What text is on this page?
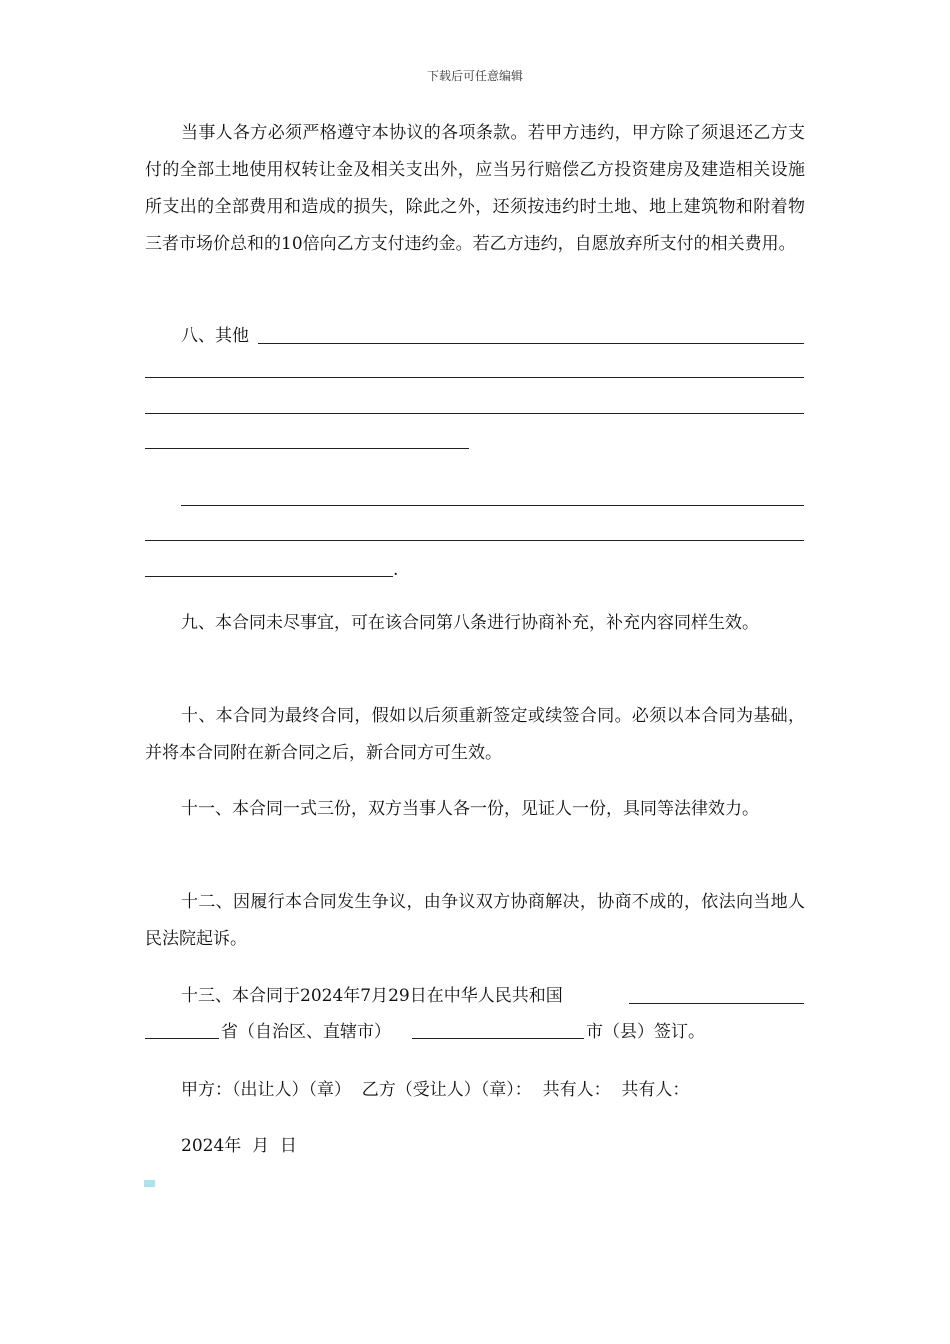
下载后可任意编辑

当事人各方必须严格遵守本协议的各项条款。若甲方违约，甲方除了须退还乙方支付的全部土地使用权转让金及相关支出外，应当另行赔偿乙方投资建房及建造相关设施所支出的全部费用和造成的损失，除此之外，还须按违约时土地、地上建筑物和附着物三者市场价总和的10倍向乙方支付违约金。若乙方违约，自愿放弃所支付的相关费用。

八、其他
.

九、本合同未尽事宜，可在该合同第八条进行协商补充，补充内容同样生效。

十、本合同为最终合同，假如以后须重新签定或续签合同。必须以本合同为基础，并将本合同附在新合同之后，新合同方可生效。

十一、本合同一式三份，双方当事人各一份，见证人一份，具同等法律效力。

十二、因履行本合同发生争议，由争议双方协商解决，协商不成的，依法向当地人民法院起诉。

十三、本合同于2024年7月29日在中华人民共和国
省（自治区、直辖市）	市（县）签订。
甲方：（出让人）（章）  乙方（受让人）（章）：  共有人：  共有人：
2024年  月  日
